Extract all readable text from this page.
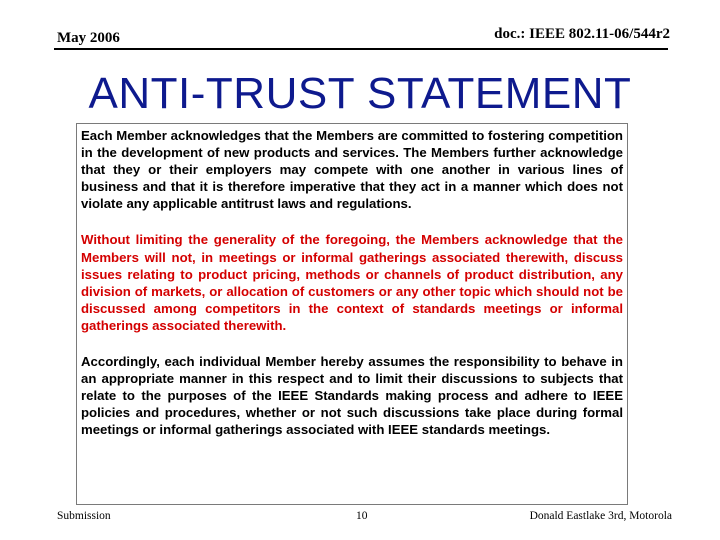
May 2006	doc.: IEEE 802.11-06/544r2
ANTI-TRUST STATEMENT

Each Member acknowledges that the Members are committed to fostering competition in the development of new products and services. The Members further acknowledge that they or their employers may compete with one another in various lines of business and that it is therefore imperative that they act in a manner which does not violate any applicable antitrust laws and regulations.

Without limiting the generality of the foregoing, the Members acknowledge that the Members will not, in meetings or informal gatherings associated therewith, discuss issues relating to product pricing, methods or channels of product distribution, any division of markets, or allocation of customers or any other topic which should not be discussed among competitors in the context of standards meetings or informal gatherings associated therewith.

Accordingly, each individual Member hereby assumes the responsibility to behave in an appropriate manner in this respect and to limit their discussions to subjects that relate to the purposes of the IEEE Standards making process and adhere to IEEE policies and procedures, whether or not such discussions take place during formal meetings or informal gatherings associated with IEEE standards meetings.

Submission	10	Donald Eastlake 3rd, Motorola
